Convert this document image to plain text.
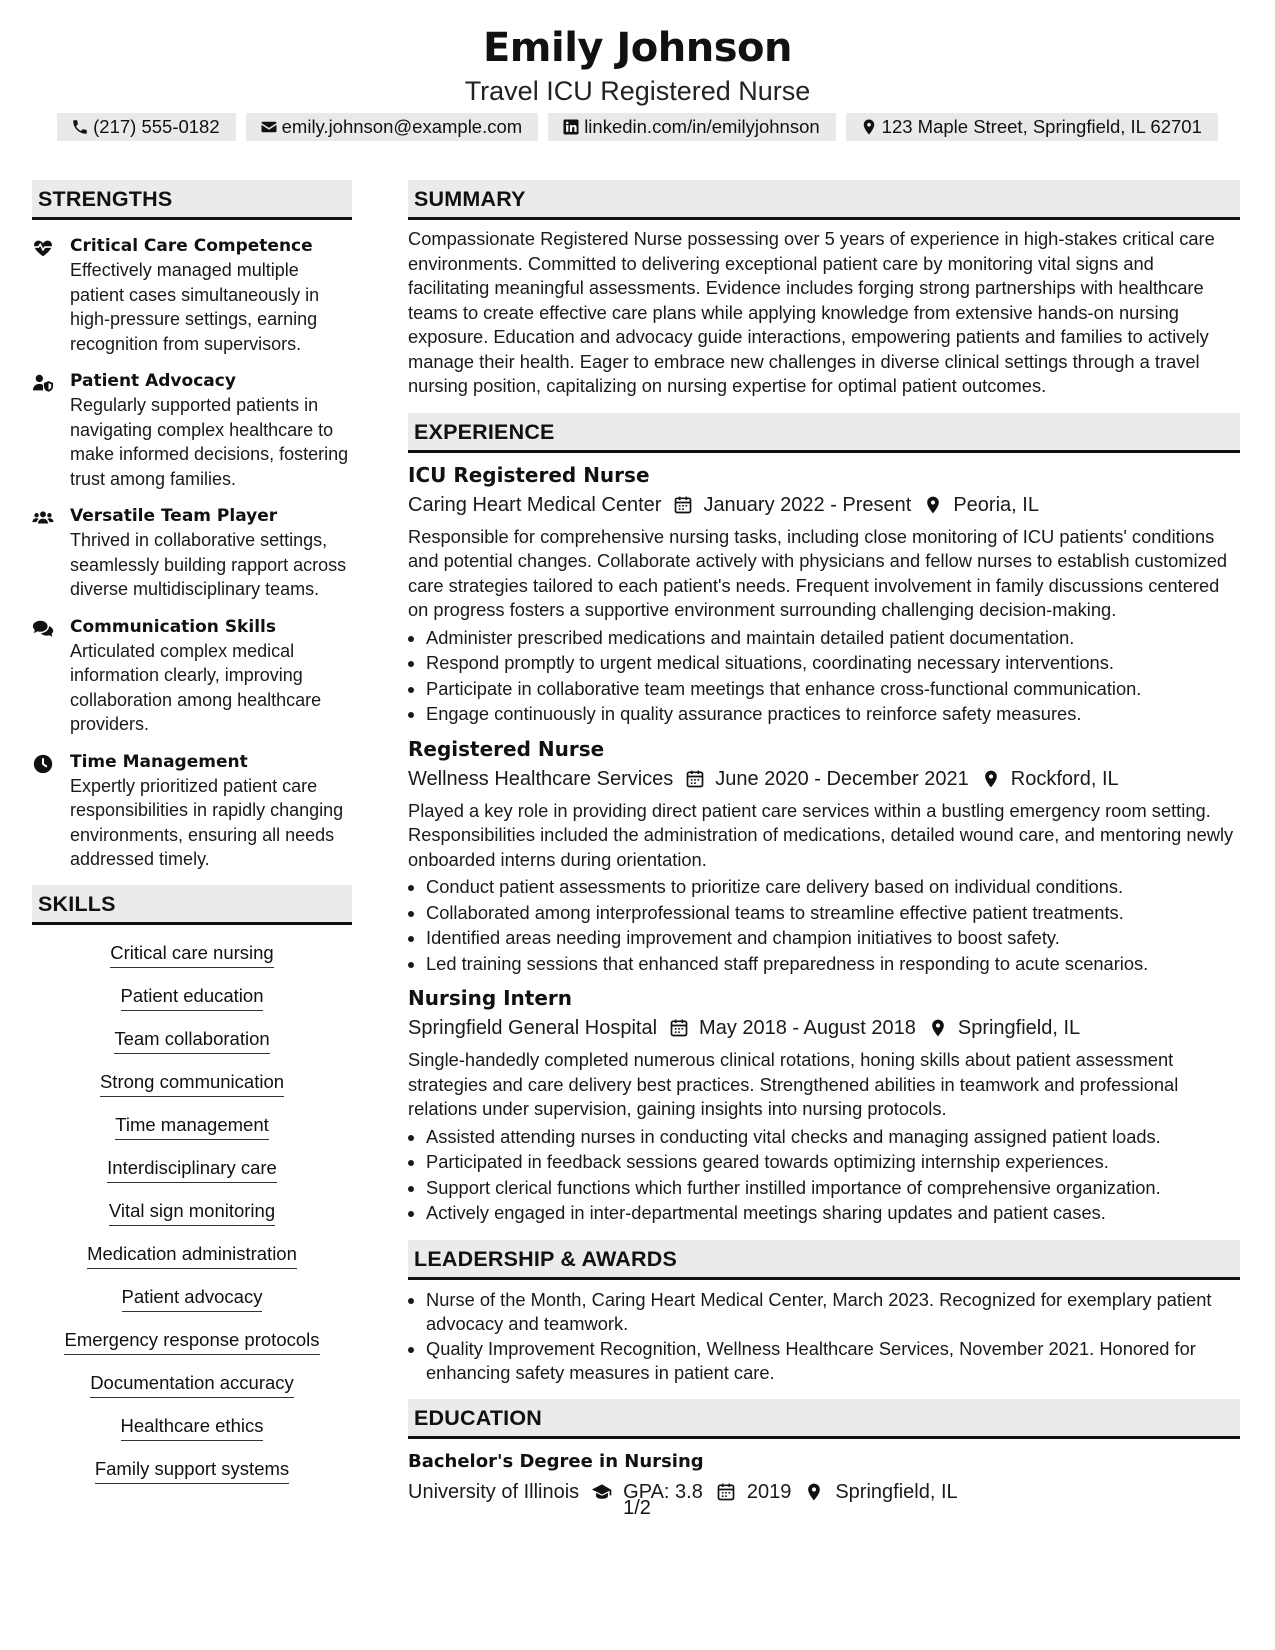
Emily Johnson
Travel ICU Registered Nurse
(217) 555-0182	emily.johnson@example.com	linkedin.com/in/emilyjohnson	123 Maple Street, Springfield, IL 62701
STRENGTHS
Critical Care Competence
Effectively managed multiple patient cases simultaneously in high-pressure settings, earning recognition from supervisors.
Patient Advocacy
Regularly supported patients in navigating complex healthcare to make informed decisions, fostering trust among families.
Versatile Team Player
Thrived in collaborative settings, seamlessly building rapport across diverse multidisciplinary teams.
Communication Skills
Articulated complex medical information clearly, improving collaboration among healthcare providers.
Time Management
Expertly prioritized patient care responsibilities in rapidly changing environments, ensuring all needs addressed timely.
SKILLS
Critical care nursing
Patient education
Team collaboration
Strong communication
Time management
Interdisciplinary care
Vital sign monitoring
Medication administration
Patient advocacy
Emergency response protocols
Documentation accuracy
Healthcare ethics
Family support systems
SUMMARY
Compassionate Registered Nurse possessing over 5 years of experience in high-stakes critical care environments. Committed to delivering exceptional patient care by monitoring vital signs and facilitating meaningful assessments. Evidence includes forging strong partnerships with healthcare teams to create effective care plans while applying knowledge from extensive hands-on nursing exposure. Education and advocacy guide interactions, empowering patients and families to actively manage their health. Eager to embrace new challenges in diverse clinical settings through a travel nursing position, capitalizing on nursing expertise for optimal patient outcomes.
EXPERIENCE
ICU Registered Nurse
Caring Heart Medical Center January 2022 - Present Peoria, IL
Responsible for comprehensive nursing tasks, including close monitoring of ICU patients' conditions and potential changes. Collaborate actively with physicians and fellow nurses to establish customized care strategies tailored to each patient's needs. Frequent involvement in family discussions centered on progress fosters a supportive environment surrounding challenging decision-making.
• Administer prescribed medications and maintain detailed patient documentation.
• Respond promptly to urgent medical situations, coordinating necessary interventions.
• Participate in collaborative team meetings that enhance cross-functional communication.
• Engage continuously in quality assurance practices to reinforce safety measures.
Registered Nurse
Wellness Healthcare Services June 2020 - December 2021 Rockford, IL
Played a key role in providing direct patient care services within a bustling emergency room setting. Responsibilities included the administration of medications, detailed wound care, and mentoring newly onboarded interns during orientation.
• Conduct patient assessments to prioritize care delivery based on individual conditions.
• Collaborated among interprofessional teams to streamline effective patient treatments.
• Identified areas needing improvement and champion initiatives to boost safety.
• Led training sessions that enhanced staff preparedness in responding to acute scenarios.
Nursing Intern
Springfield General Hospital May 2018 - August 2018 Springfield, IL
Single-handedly completed numerous clinical rotations, honing skills about patient assessment strategies and care delivery best practices. Strengthened abilities in teamwork and professional relations under supervision, gaining insights into nursing protocols.
• Assisted attending nurses in conducting vital checks and managing assigned patient loads.
• Participated in feedback sessions geared towards optimizing internship experiences.
• Support clerical functions which further instilled importance of comprehensive organization.
• Actively engaged in inter-departmental meetings sharing updates and patient cases.
LEADERSHIP & AWARDS
• Nurse of the Month, Caring Heart Medical Center, March 2023. Recognized for exemplary patient advocacy and teamwork.
• Quality Improvement Recognition, Wellness Healthcare Services, November 2021. Honored for enhancing safety measures in patient care.
EDUCATION
Bachelor's Degree in Nursing
University of Illinois GPA: 3.8 2019 Springfield, IL
1/2
